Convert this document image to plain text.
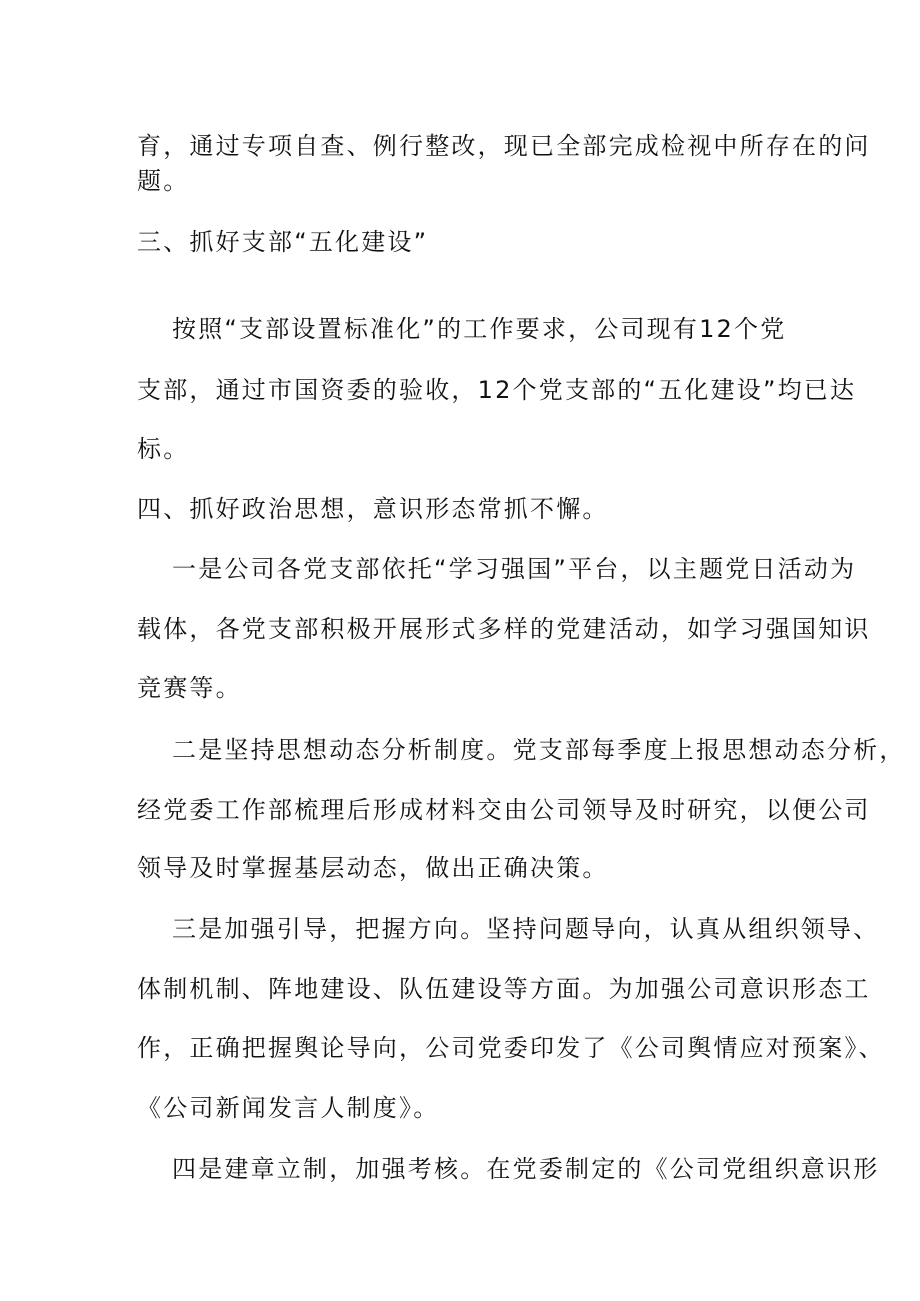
育，通过专项自查、例行整改，现已全部完成检视中所存在的问
题。
三、抓好支部“五化建设”
按照“支部设置标准化”的工作要求，公司现有12个党
支部，通过市国资委的验收，12个党支部的“五化建设”均已达
标。
四、抓好政治思想，意识形态常抓不懈。
一是公司各党支部依托“学习强国”平台，以主题党日活动为
载体，各党支部积极开展形式多样的党建活动，如学习强国知识
竞赛等。
二是坚持思想动态分析制度。党支部每季度上报思想动态分析，
经党委工作部梳理后形成材料交由公司领导及时研究，以便公司
领导及时掌握基层动态，做出正确决策。
三是加强引导，把握方向。坚持问题导向，认真从组织领导、
体制机制、阵地建设、队伍建设等方面。为加强公司意识形态工
作，正确把握舆论导向，公司党委印发了《公司舆情应对预案》、
《公司新闻发言人制度》。
四是建章立制，加强考核。在党委制定的《公司党组织意识形
